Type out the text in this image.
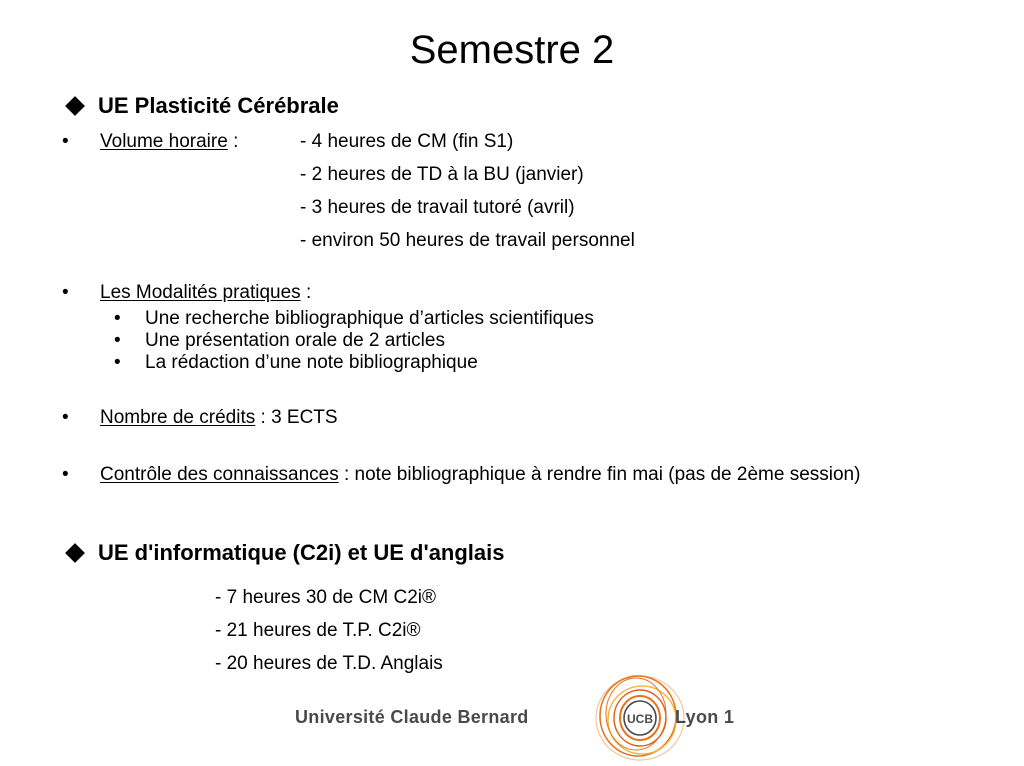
Semestre 2
UE Plasticité Cérébrale
• Volume horaire :	- 4 heures de CM (fin S1)
- 2 heures de TD à la BU (janvier)
- 3 heures de travail tutoré (avril)
- environ 50 heures de travail personnel
• Les Modalités pratiques :
• Une recherche bibliographique d’articles scientifiques
• Une présentation orale de 2 articles
• La rédaction d’une note bibliographique
• Nombre de crédits : 3 ECTS
• Contrôle des connaissances : note bibliographique à rendre fin mai (pas de 2ème session)
UE d'informatique (C2i) et UE d'anglais
- 7 heures 30 de CM C2i®
- 21 heures de T.P. C2i®
- 20 heures de T.D. Anglais
Université Claude Bernard	UCB Lyon 1
